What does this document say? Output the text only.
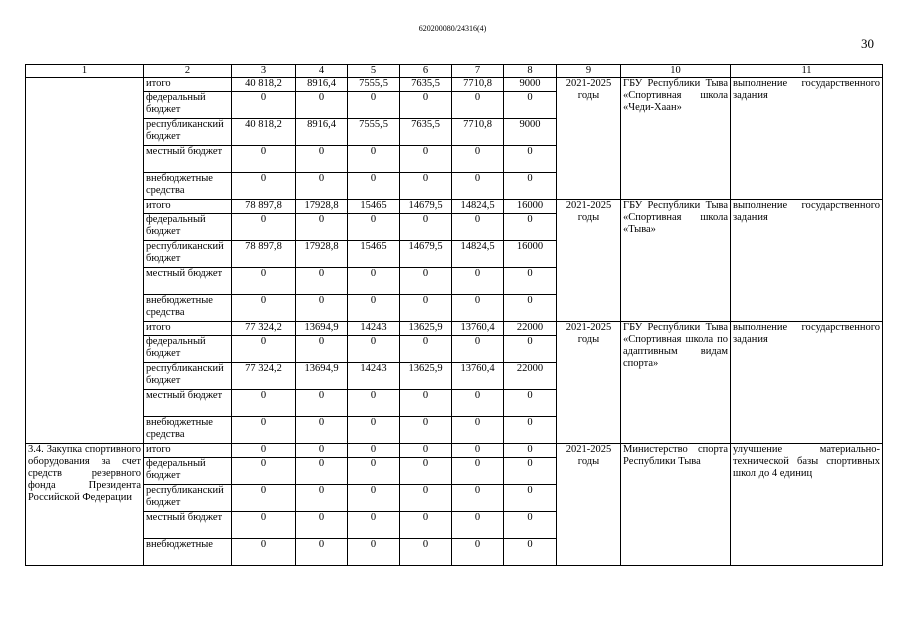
620200080/24316(4)
30
1	2	3	4	5	6	7	8	9	10	11
	итого	40 818,2	8916,4	7555,5	7635,5	7710,8	9000	2021-2025 годы	ГБУ Республики Тыва «Спортивная школа «Чеди-Хаан»	выполнение государственного задания
	федеральный бюджет	0	0	0	0	0	0			
	республиканский бюджет	40 818,2	8916,4	7555,5	7635,5	7710,8	9000			
	местный бюджет	0	0	0	0	0	0			
	внебюджетные средства	0	0	0	0	0	0			
	итого	78 897,8	17928,8	15465	14679,5	14824,5	16000	2021-2025 годы	ГБУ Республики Тыва «Спортивная школа «Тыва»	выполнение государственного задания
	федеральный бюджет	0	0	0	0	0	0			
	республиканский бюджет	78 897,8	17928,8	15465	14679,5	14824,5	16000			
	местный бюджет	0	0	0	0	0	0			
	внебюджетные средства	0	0	0	0	0	0			
	итого	77 324,2	13694,9	14243	13625,9	13760,4	22000	2021-2025 годы	ГБУ Республики Тыва «Спортивная школа по адаптивным видам спорта»	выполнение государственного задания
	федеральный бюджет	0	0	0	0	0	0			
	республиканский бюджет	77 324,2	13694,9	14243	13625,9	13760,4	22000			
	местный бюджет	0	0	0	0	0	0			
	внебюджетные средства	0	0	0	0	0	0			
3.4. Закупка спортивного оборудования за счет средств резервного фонда Президента Российской Федерации	итого	0	0	0	0	0	0	2021-2025 годы	Министерство спорта Республики Тыва	улучшение материально-технической базы спортивных школ до 4 единиц
	федеральный бюджет	0	0	0	0	0	0			
	республиканский бюджет	0	0	0	0	0	0			
	местный бюджет	0	0	0	0	0	0			
	внебюджетные	0	0	0	0	0	0			
